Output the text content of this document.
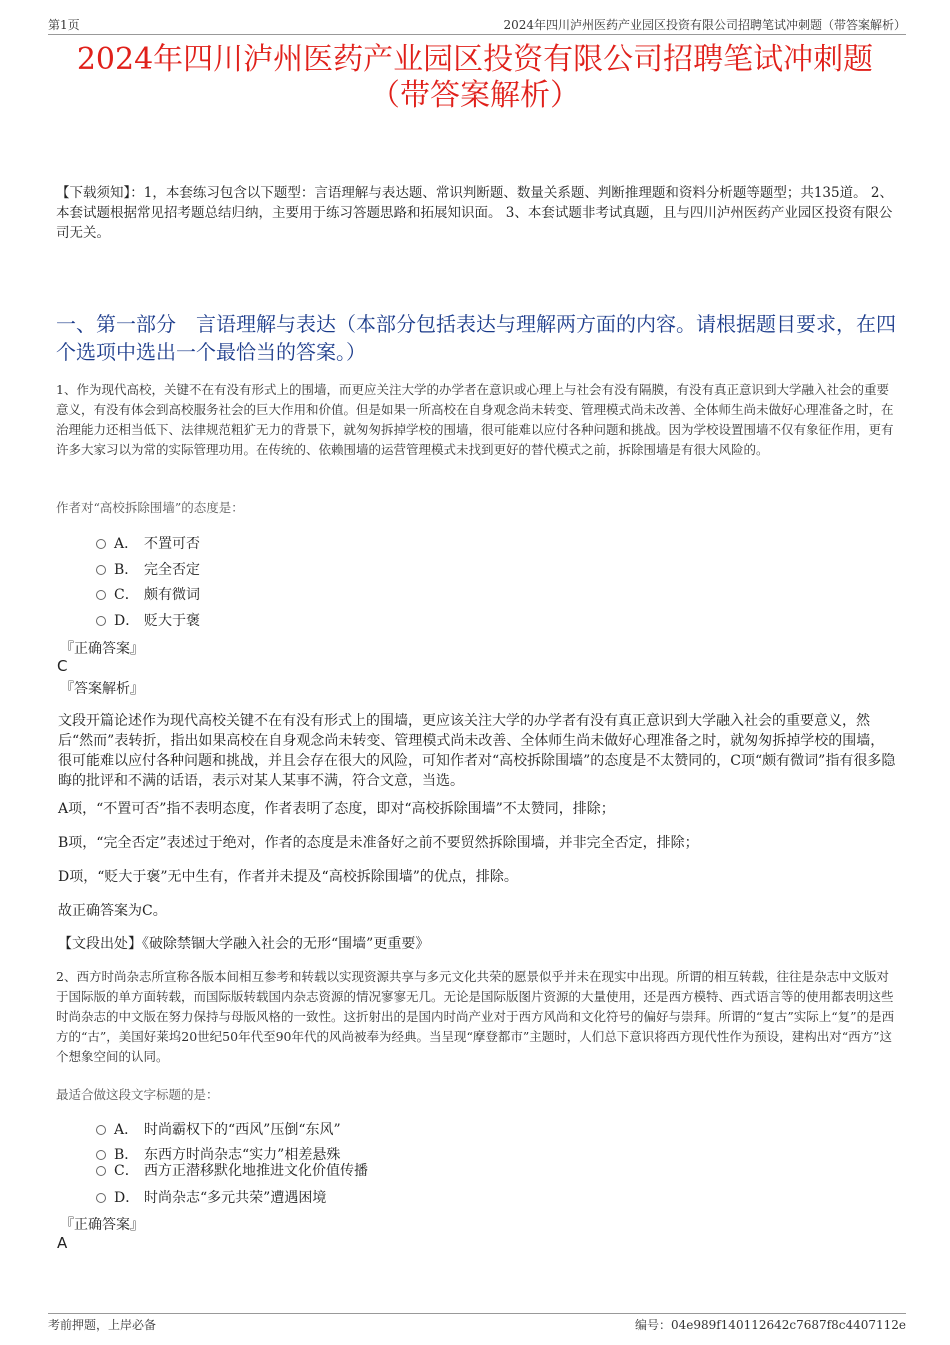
第1页	2024年四川泸州医药产业园区投资有限公司招聘笔试冲刺题（带答案解析）
2024年四川泸州医药产业园区投资有限公司招聘笔试冲刺题
（带答案解析）
【下载须知】：1，本套练习包含以下题型：言语理解与表达题、常识判断题、数量关系题、判断推理题和资料分析题等题型；共135道。 2、本套试题根据常见招考题总结归纳，主要用于练习答题思路和拓展知识面。 3、本套试题非考试真题，且与四川泸州医药产业园区投资有限公司无关。
一、第一部分　言语理解与表达（本部分包括表达与理解两方面的内容。请根据题目要求，在四个选项中选出一个最恰当的答案。）
1、作为现代高校，关键不在有没有形式上的围墙，而更应关注大学的办学者在意识或心理上与社会有没有隔膜，有没有真正意识到大学融入社会的重要意义，有没有体会到高校服务社会的巨大作用和价值。但是如果一所高校在自身观念尚未转变、管理模式尚未改善、全体师生尚未做好心理准备之时，在治理能力还相当低下、法律规范粗犷无力的背景下，就匆匆拆掉学校的围墙，很可能难以应付各种问题和挑战。因为学校设置围墙不仅有象征作用，更有许多大家习以为常的实际管理功用。在传统的、依赖围墙的运营管理模式未找到更好的替代模式之前，拆除围墙是有很大风险的。
作者对“高校拆除围墙”的态度是：
A． 不置可否
B． 完全否定
C． 颇有微词
D． 贬大于褒
『正确答案』
C
『答案解析』
文段开篇论述作为现代高校关键不在有没有形式上的围墙，更应该关注大学的办学者有没有真正意识到大学融入社会的重要意义，然后“然而”表转折，指出如果高校在自身观念尚未转变、管理模式尚未改善、全体师生尚未做好心理准备之时，就匆匆拆掉学校的围墙，很可能难以应付各种问题和挑战，并且会存在很大的风险，可知作者对“高校拆除围墙”的态度是不太赞同的，C项“颇有微词”指有很多隐晦的批评和不满的话语，表示对某人某事不满，符合文意，当选。
A项，“不置可否”指不表明态度，作者表明了态度，即对“高校拆除围墙”不太赞同，排除；
B项，“完全否定”表述过于绝对，作者的态度是未准备好之前不要贸然拆除围墙，并非完全否定，排除；
D项，“贬大于褒”无中生有，作者并未提及“高校拆除围墙”的优点，排除。
故正确答案为C。
【文段出处】《破除禁锢大学融入社会的无形“围墙”更重要》
2、西方时尚杂志所宣称各版本间相互参考和转载以实现资源共享与多元文化共荣的愿景似乎并未在现实中出现。所谓的相互转载，往往是杂志中文版对于国际版的单方面转载，而国际版转载国内杂志资源的情况寥寥无几。无论是国际版图片资源的大量使用，还是西方模特、西式语言等的使用都表明这些时尚杂志的中文版在努力保持与母版风格的一致性。这折射出的是国内时尚产业对于西方风尚和文化符号的偏好与崇拜。所谓的“复古”实际上“复”的是西方的“古”，美国好莱坞20世纪50年代至90年代的风尚被奉为经典。当呈现“摩登都市”主题时，人们总下意识将西方现代性作为预设，建构出对“西方”这个想象空间的认同。
最适合做这段文字标题的是：
A． 时尚霸权下的“西风”压倒“东风”
B． 东西方时尚杂志“实力”相差悬殊
C． 西方正潜移默化地推进文化价值传播
D． 时尚杂志“多元共荣”遭遇困境
『正确答案』
A
考前押题，上岸必备	编号：04e989f140112642c7687f8c4407112e
